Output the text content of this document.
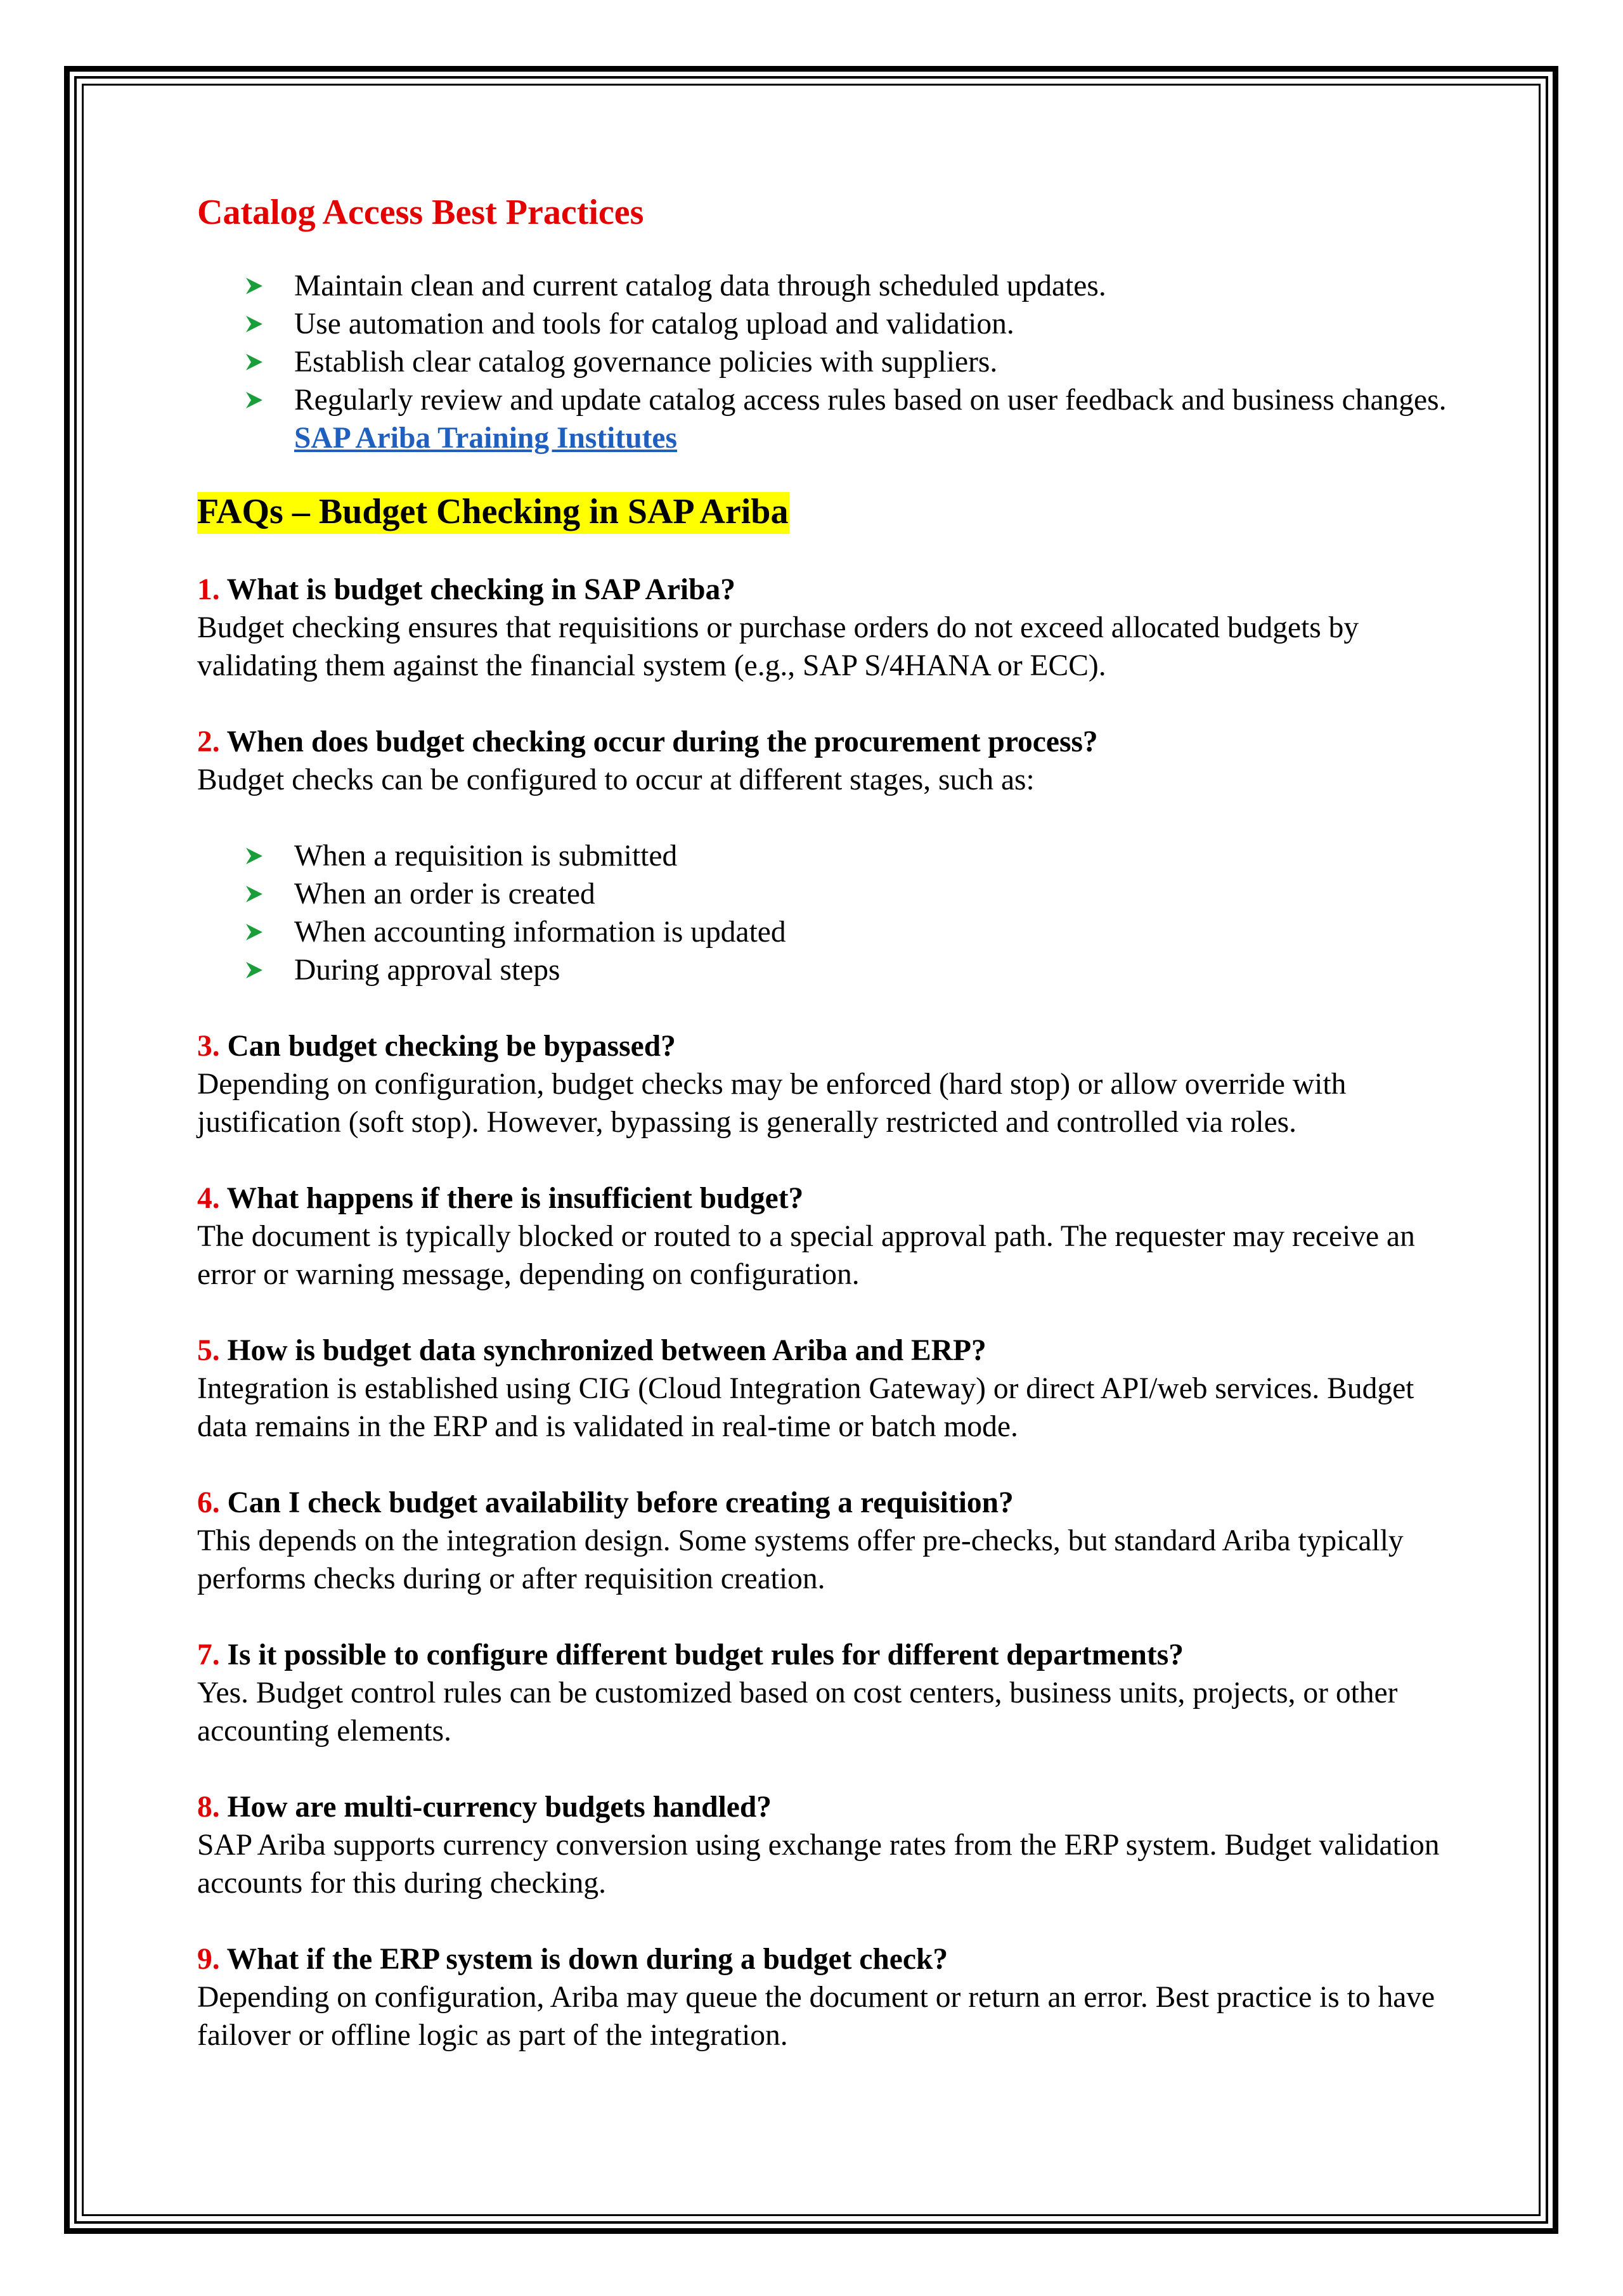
Catalog Access Best Practices
Maintain clean and current catalog data through scheduled updates.
Use automation and tools for catalog upload and validation.
Establish clear catalog governance policies with suppliers.
Regularly review and update catalog access rules based on user feedback and business changes. SAP Ariba Training Institutes
FAQs – Budget Checking in SAP Ariba

1. What is budget checking in SAP Ariba?

Budget checking ensures that requisitions or purchase orders do not exceed allocated budgets by validating them against the financial system (e.g., SAP S/4HANA or ECC).

2. When does budget checking occur during the procurement process?

Budget checks can be configured to occur at different stages, such as:

When a requisition is submitted
When an order is created
When accounting information is updated
During approval steps

3. Can budget checking be bypassed?

Depending on configuration, budget checks may be enforced (hard stop) or allow override with justification (soft stop). However, bypassing is generally restricted and controlled via roles.

4. What happens if there is insufficient budget?

The document is typically blocked or routed to a special approval path. The requester may receive an error or warning message, depending on configuration.

5. How is budget data synchronized between Ariba and ERP?

Integration is established using CIG (Cloud Integration Gateway) or direct API/web services. Budget data remains in the ERP and is validated in real-time or batch mode.

6. Can I check budget availability before creating a requisition?

This depends on the integration design. Some systems offer pre-checks, but standard Ariba typically performs checks during or after requisition creation.

7. Is it possible to configure different budget rules for different departments?

Yes. Budget control rules can be customized based on cost centers, business units, projects, or other accounting elements.

8. How are multi-currency budgets handled?

SAP Ariba supports currency conversion using exchange rates from the ERP system. Budget validation accounts for this during checking.

9. What if the ERP system is down during a budget check?

Depending on configuration, Ariba may queue the document or return an error. Best practice is to have failover or offline logic as part of the integration.
